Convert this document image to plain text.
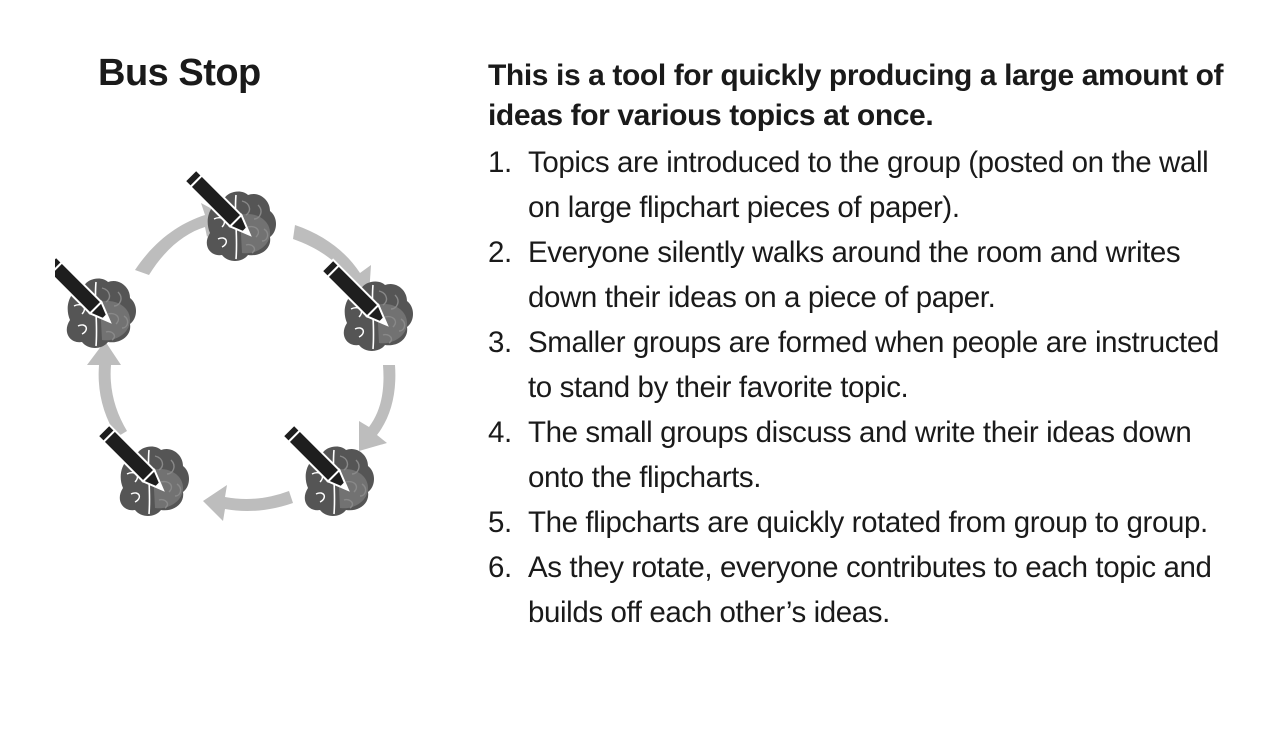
Bus Stop	This is a tool for quickly producing a large amount of ideas for various topics at once.

1. Topics are introduced to the group (posted on the wall on large flipchart pieces of paper).
2. Everyone silently walks around the room and writes down their ideas on a piece of paper.
3. Smaller groups are formed when people are instructed to stand by their favorite topic.
4. The small groups discuss and write their ideas down onto the flipcharts.
5. The flipcharts are quickly rotated from group to group.
6. As they rotate, everyone contributes to each topic and builds off each other’s ideas.
